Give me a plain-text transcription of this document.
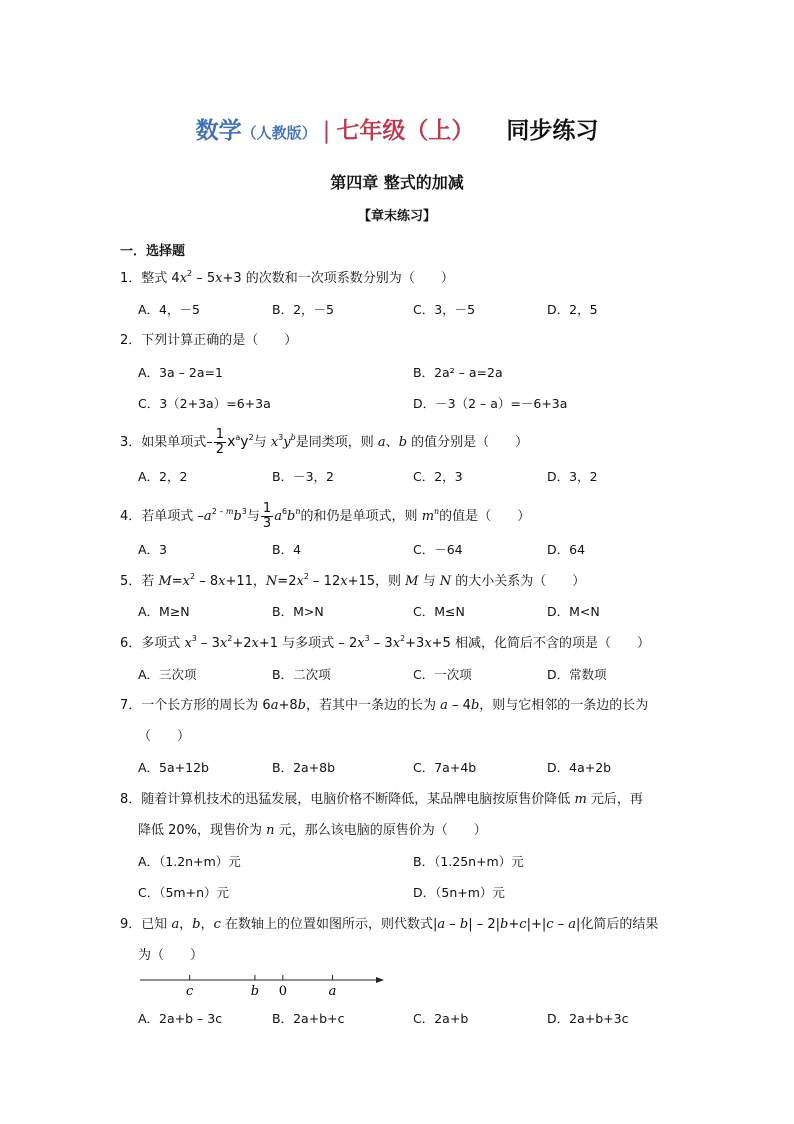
数学（人教版） | 七年级（上） 同步练习
第四章 整式的加减
【章末练习】
一．选择题
1．整式 $4x^2 - 5x+3$ 的次数和一次项系数分别为（　　）
A．4，－5	B．2，－5	C．3，－5	D．2，5
2．下列计算正确的是（　　）
A．3a – 2a=1	B．2a² – a=2a
C．3（2+3a）=6+3a	D．－3（2 – a）=－6+3a
3．如果单项式– $\frac{1}{2} x^ay^2$与 $x^3y^b$是同类项，则 a、b 的值分别是（　　）
A．2，2	B．－3，2	C．2，3	D．3，2
4．若单项式 $-a^{2 - m}b^3$与 $\frac{1}{3} a^6b^n$的和仍是单项式，则 $m^n$的值是（　　）
A．3	B．4	C．－64	D．64
5．若 $M=x^2 - 8x+11$，$N=2x^2 - 12x+15$，则 M 与 N 的大小关系为（　　）
A．M≥N	B．M>N	C．M≤N	D．M<N
6．多项式 $x^3 - 3x^2+2x+1$ 与多项式 – $2x^3 - 3x^2+3x+5$ 相减，化简后不含的项是（　　）
A．三次项	B．二次项	C．一次项	D．常数项
7．一个长方形的周长为 6a+8b，若其中一条边的长为 a – 4b，则与它相邻的一条边的长为
（　　）
A．5a+12b	B．2a+8b	C．7a+4b	D．4a+2b
8．随着计算机技术的迅猛发展，电脑价格不断降低，某品牌电脑按原售价降低 m 元后，再
降低 20%，现售价为 n 元，那么该电脑的原售价为（　　）
A．（1.2n+m）元	B．（1.25n+m）元
C．（5m+n）元	D．（5n+m）元
9．已知 a，b，c 在数轴上的位置如图所示，则代数式|a – b| – 2|b+c|+|c – a|化简后的结果
为（　　）
c	b 0	a
A．2a+b – 3c	B．2a+b+c	C．2a+b	D．2a+b+3c
